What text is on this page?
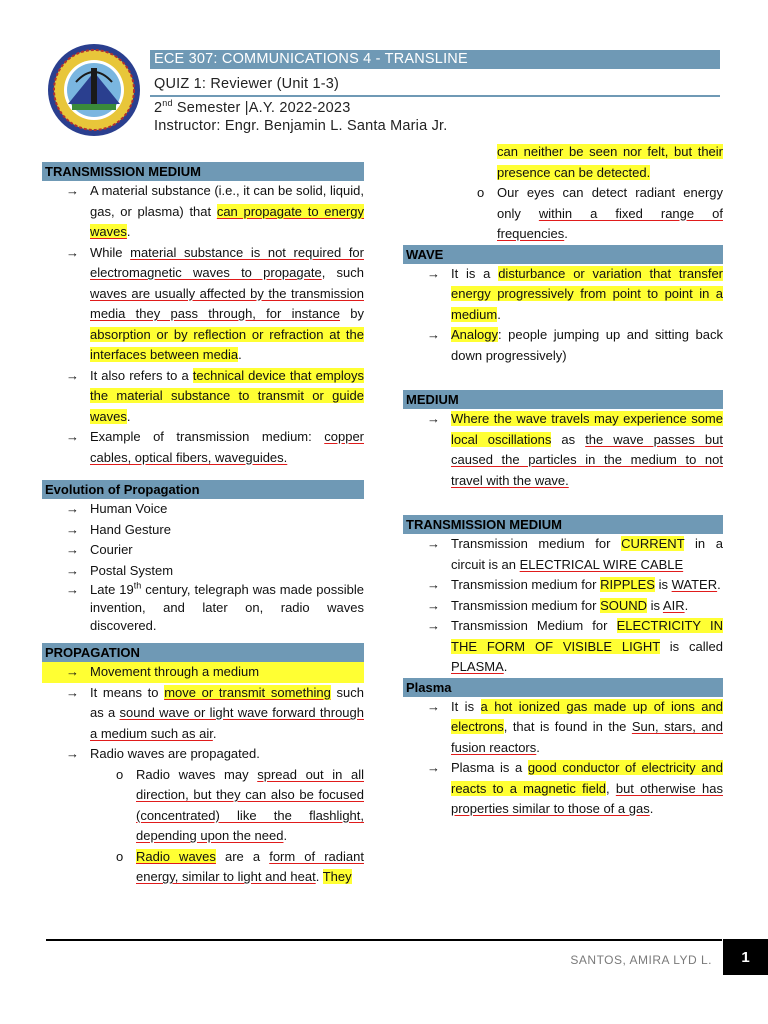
ECE 307: COMMUNICATIONS 4 - TRANSLINE
QUIZ 1: Reviewer (Unit 1-3)
2nd Semester |A.Y. 2022-2023
Instructor: Engr. Benjamin L. Santa Maria Jr.
TRANSMISSION MEDIUM
→ A material substance (i.e., it can be solid, liquid, gas, or plasma) that can propagate to energy waves.
→ While material substance is not required for electromagnetic waves to propagate, such waves are usually affected by the transmission media they pass through, for instance by absorption or by reflection or refraction at the interfaces between media.
→ It also refers to a technical device that employs the material substance to transmit or guide waves.
→ Example of transmission medium: copper cables, optical fibers, waveguides.
Evolution of Propagation
→ Human Voice
→ Hand Gesture
→ Courier
→ Postal System
→ Late 19th century, telegraph was made possible invention, and later on, radio waves discovered.
PROPAGATION
→ Movement through a medium
→ It means to move or transmit something such as a sound wave or light wave forward through a medium such as air.
→ Radio waves are propagated.
o Radio waves may spread out in all direction, but they can also be focused (concentrated) like the flashlight, depending upon the need.
o Radio waves are a form of radiant energy, similar to light and heat. They
can neither be seen nor felt, but their presence can be detected.
o Our eyes can detect radiant energy only within a fixed range of frequencies.
WAVE
→ It is a disturbance or variation that transfer energy progressively from point to point in a medium.
→ Analogy: people jumping up and sitting back down progressively)
MEDIUM
→ Where the wave travels may experience some local oscillations as the wave passes but caused the particles in the medium to not travel with the wave.
TRANSMISSION MEDIUM
→ Transmission medium for CURRENT in a circuit is an ELECTRICAL WIRE CABLE
→ Transmission medium for RIPPLES is WATER.
→ Transmission medium for SOUND is AIR.
→ Transmission Medium for ELECTRICITY IN THE FORM OF VISIBLE LIGHT is called PLASMA.
Plasma
→ It is a hot ionized gas made up of ions and electrons, that is found in the Sun, stars, and fusion reactors.
→ Plasma is a good conductor of electricity and reacts to a magnetic field, but otherwise has properties similar to those of a gas.
SANTOS, AMIRA LYD L.	1
